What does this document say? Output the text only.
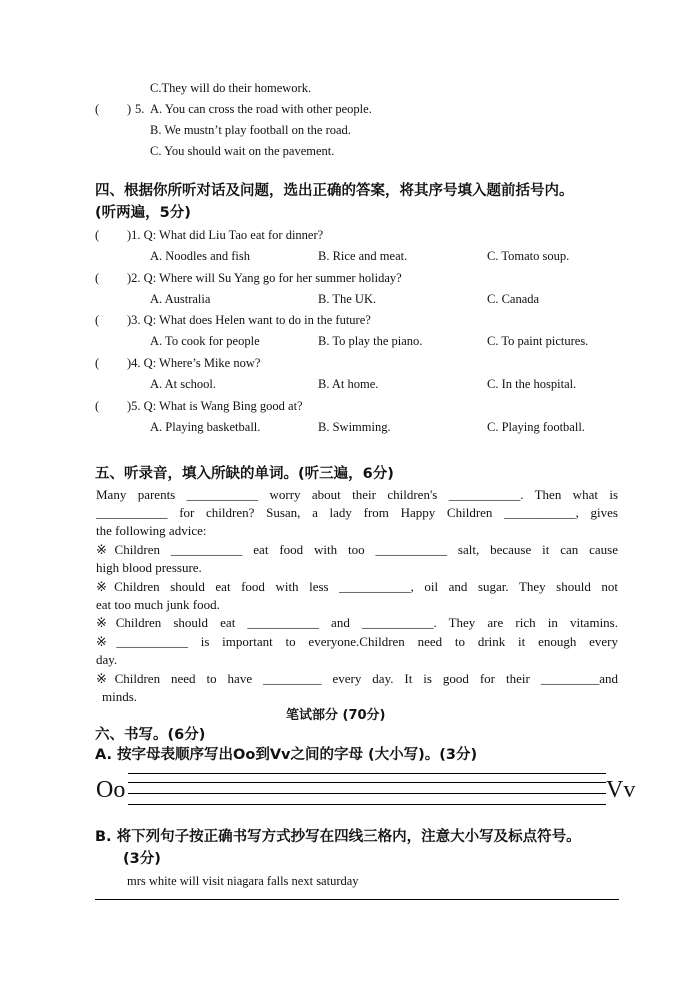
C.They will do their homework.
( ) 5. A. You can cross the road with other people.
B. We mustn’t play football on the road.
C. You should wait on the pavement.
四、根据你所听对话及问题，选出正确的答案，将其序号填入题前括号内。
(听两遍，5分)
( )1. Q: What did Liu Tao eat for dinner?
A. Noodles and fish	B. Rice and meat.	C. Tomato soup.
( )2. Q: Where will Su Yang go for her summer holiday?
A. Australia	B. The UK.	C. Canada
( )3. Q: What does Helen want to do in the future?
A. To cook for people	B. To play the piano.	C. To paint pictures.
( )4. Q: Where’s Mike now?
A. At school.	B. At home.	C. In the hospital.
( )5. Q: What is Wang Bing good at?
A. Playing basketball.	B. Swimming.	C. Playing football.
五、听录音，填入所缺的单词。(听三遍，6分)
Many parents ___________ worry about their children's ___________. Then what is
___________ for children? Susan, a lady from Happy Children ___________, gives
the following advice:
※Children ___________ eat food with too ___________ salt, because it can cause
high blood pressure.
※Children should eat food with less ___________, oil and sugar. They should not
eat too much junk food.
※Children should eat ___________ and ___________. They are rich in vitamins.
※___________ is important to everyone.Children need to drink it enough every
day.
※Children need to have _________ every day. It is good for their _________and
minds.
笔试部分 (70分)
六、书写。(6分)
A. 按字母表顺序写出Oo到Vv之间的字母 (大小写)。(3分)
Oo	Vv
B. 将下列句子按正确书写方式抄写在四线三格内，注意大小写及标点符号。
(3分)
mrs white will visit niagara falls next saturday
